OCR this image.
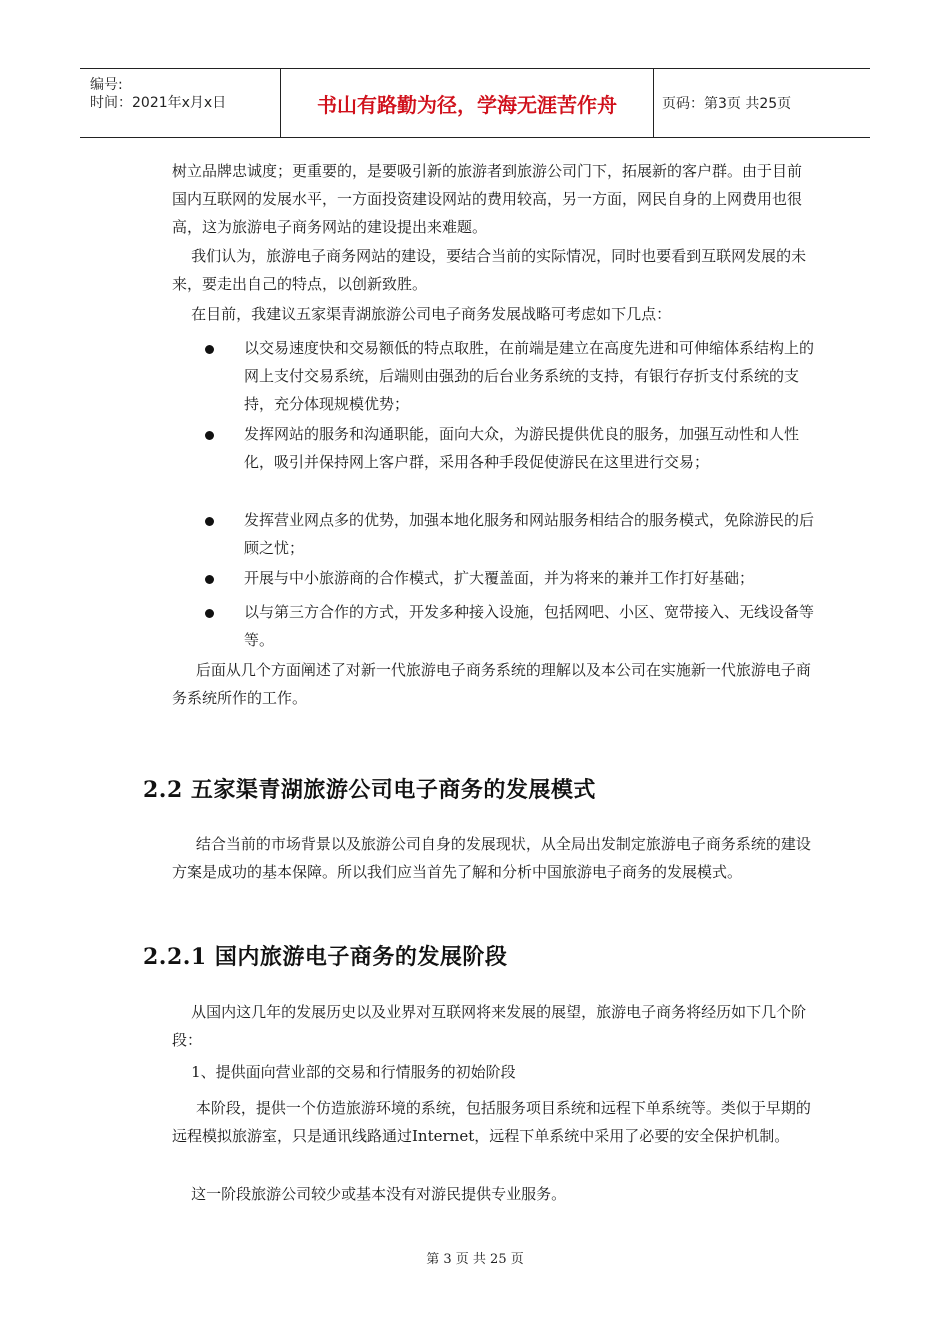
编号:
时间：2021年x月x日	书山有路勤为径，学海无涯苦作舟	页码：第3页 共25页
树立品牌忠诚度；更重要的，是要吸引新的旅游者到旅游公司门下，拓展新的客户群。由于目前国内互联网的发展水平，一方面投资建设网站的费用较高，另一方面，网民自身的上网费用也很高，这为旅游电子商务网站的建设提出来难题。
我们认为，旅游电子商务网站的建设，要结合当前的实际情况，同时也要看到互联网发展的未来，要走出自己的特点，以创新致胜。
在目前，我建议五家渠青湖旅游公司电子商务发展战略可考虑如下几点：
以交易速度快和交易额低的特点取胜，在前端是建立在高度先进和可伸缩体系结构上的网上支付交易系统，后端则由强劲的后台业务系统的支持，有银行存折支付系统的支持，充分体现规模优势；
发挥网站的服务和沟通职能，面向大众，为游民提供优良的服务，加强互动性和人性化，吸引并保持网上客户群，采用各种手段促使游民在这里进行交易；
发挥营业网点多的优势，加强本地化服务和网站服务相结合的服务模式，免除游民的后顾之忧；
开展与中小旅游商的合作模式，扩大覆盖面，并为将来的兼并工作打好基础；
以与第三方合作的方式，开发多种接入设施，包括网吧、小区、宽带接入、无线设备等等。
后面从几个方面阐述了对新一代旅游电子商务系统的理解以及本公司在实施新一代旅游电子商务系统所作的工作。
2.2 五家渠青湖旅游公司电子商务的发展模式
结合当前的市场背景以及旅游公司自身的发展现状，从全局出发制定旅游电子商务系统的建设方案是成功的基本保障。所以我们应当首先了解和分析中国旅游电子商务的发展模式。
2.2.1 国内旅游电子商务的发展阶段
从国内这几年的发展历史以及业界对互联网将来发展的展望，旅游电子商务将经历如下几个阶段：
1、提供面向营业部的交易和行情服务的初始阶段
本阶段，提供一个仿造旅游环境的系统，包括服务项目系统和远程下单系统等。类似于早期的远程模拟旅游室，只是通讯线路通过Internet，远程下单系统中采用了必要的安全保护机制。
这一阶段旅游公司较少或基本没有对游民提供专业服务。
第 3 页 共 25 页
